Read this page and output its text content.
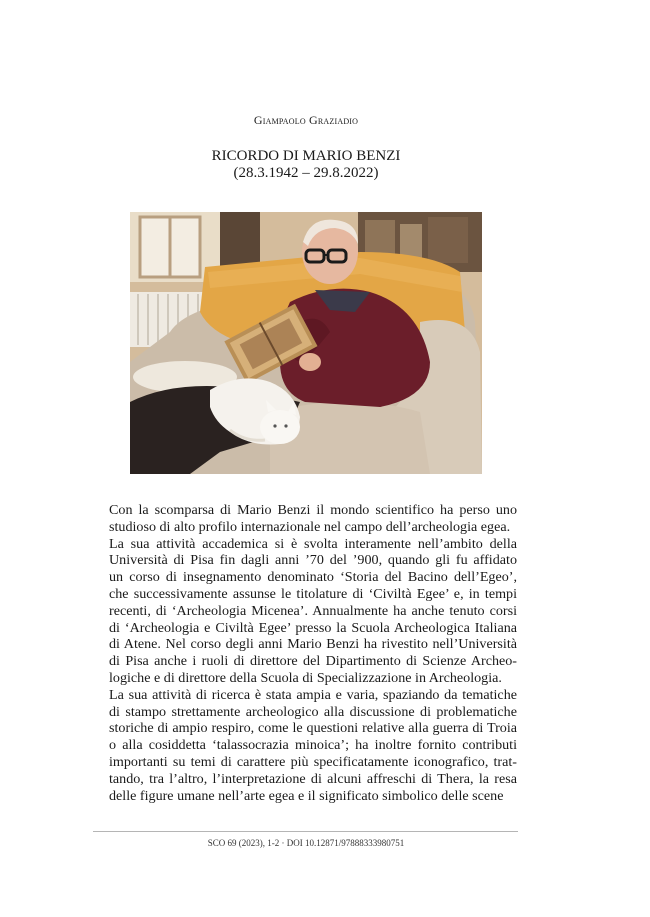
Giampaolo Graziadio
RICORDO DI MARIO BENZI
(28.3.1942 – 29.8.2022)

Con la scomparsa di Mario Benzi il mondo scientifico ha perso uno
studioso di alto profilo internazionale nel campo dell’archeologia egea.

La sua attività accademica si è svolta interamente nell’ambito della
Università di Pisa fin dagli anni ’70 del ’900, quando gli fu affidato
un corso di insegnamento denominato ‘Storia del Bacino dell’Egeo’,
che successivamente assunse le titolature di ‘Civiltà Egee’ e, in tempi
recenti, di ‘Archeologia Micenea’. Annualmente ha anche tenuto corsi
di ‘Archeologia e Civiltà Egee’ presso la Scuola Archeologica Italiana
di Atene. Nel corso degli anni Mario Benzi ha rivestito nell’Università
di Pisa anche i ruoli di direttore del Dipartimento di Scienze Archeo-
logiche e di direttore della Scuola di Specializzazione in Archeologia.

La sua attività di ricerca è stata ampia e varia, spaziando da tematiche
di stampo strettamente archeologico alla discussione di problematiche
storiche di ampio respiro, come le questioni relative alla guerra di Troia
o alla cosiddetta ‘talassocrazia minoica’; ha inoltre fornito contributi
importanti su temi di carattere più specificatamente iconografico, trat-
tando, tra l’altro, l’interpretazione di alcuni affreschi di Thera, la resa
delle figure umane nell’arte egea e il significato simbolico delle scene

SCO 69 (2023), 1-2 · DOI 10.12871/97888333980751
